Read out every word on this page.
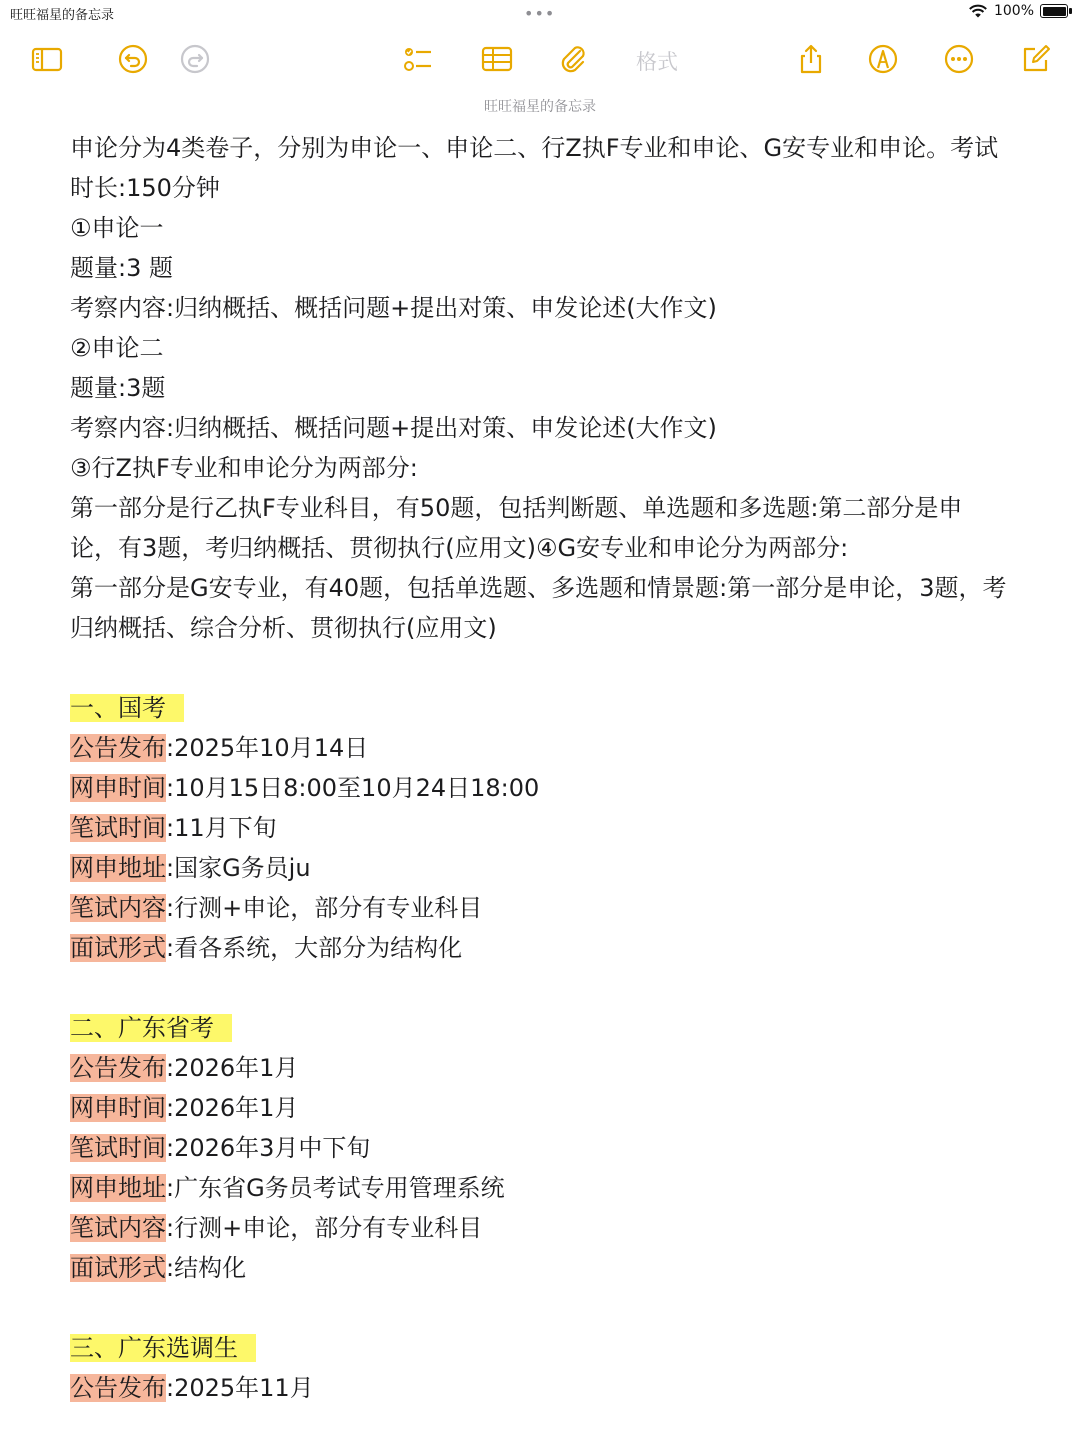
旺旺福星的备忘录	•••	100%
格式
旺旺福星的备忘录
申论分为4类卷子，分别为申论一、申论二、行Z执F专业和申论、G安专业和申论。考试时长:150分钟
①申论一
题量:3 题
考察内容:归纳概括、概括问题+提出对策、申发论述(大作文)
②申论二
题量:3题
考察内容:归纳概括、概括问题+提出对策、申发论述(大作文)
③行Z执F专业和申论分为两部分:
第一部分是行乙执F专业科目，有50题，包括判断题、单选题和多选题:第二部分是申论，有3题，考归纳概括、贯彻执行(应用文)④G安专业和申论分为两部分:
第一部分是G安专业，有40题，包括单选题、多选题和情景题:第一部分是申论，3题，考归纳概括、综合分析、贯彻执行(应用文)
一、国考
公告发布:2025年10月14日
网申时间:10月15日8:00至10月24日18:00
笔试时间:11月下旬
网申地址:国家G务员ju
笔试内容:行测+申论，部分有专业科目
面试形式:看各系统，大部分为结构化
二、广东省考
公告发布:2026年1月
网申时间:2026年1月
笔试时间:2026年3月中下旬
网申地址:广东省G务员考试专用管理系统
笔试内容:行测+申论，部分有专业科目
面试形式:结构化
三、广东选调生
公告发布:2025年11月
